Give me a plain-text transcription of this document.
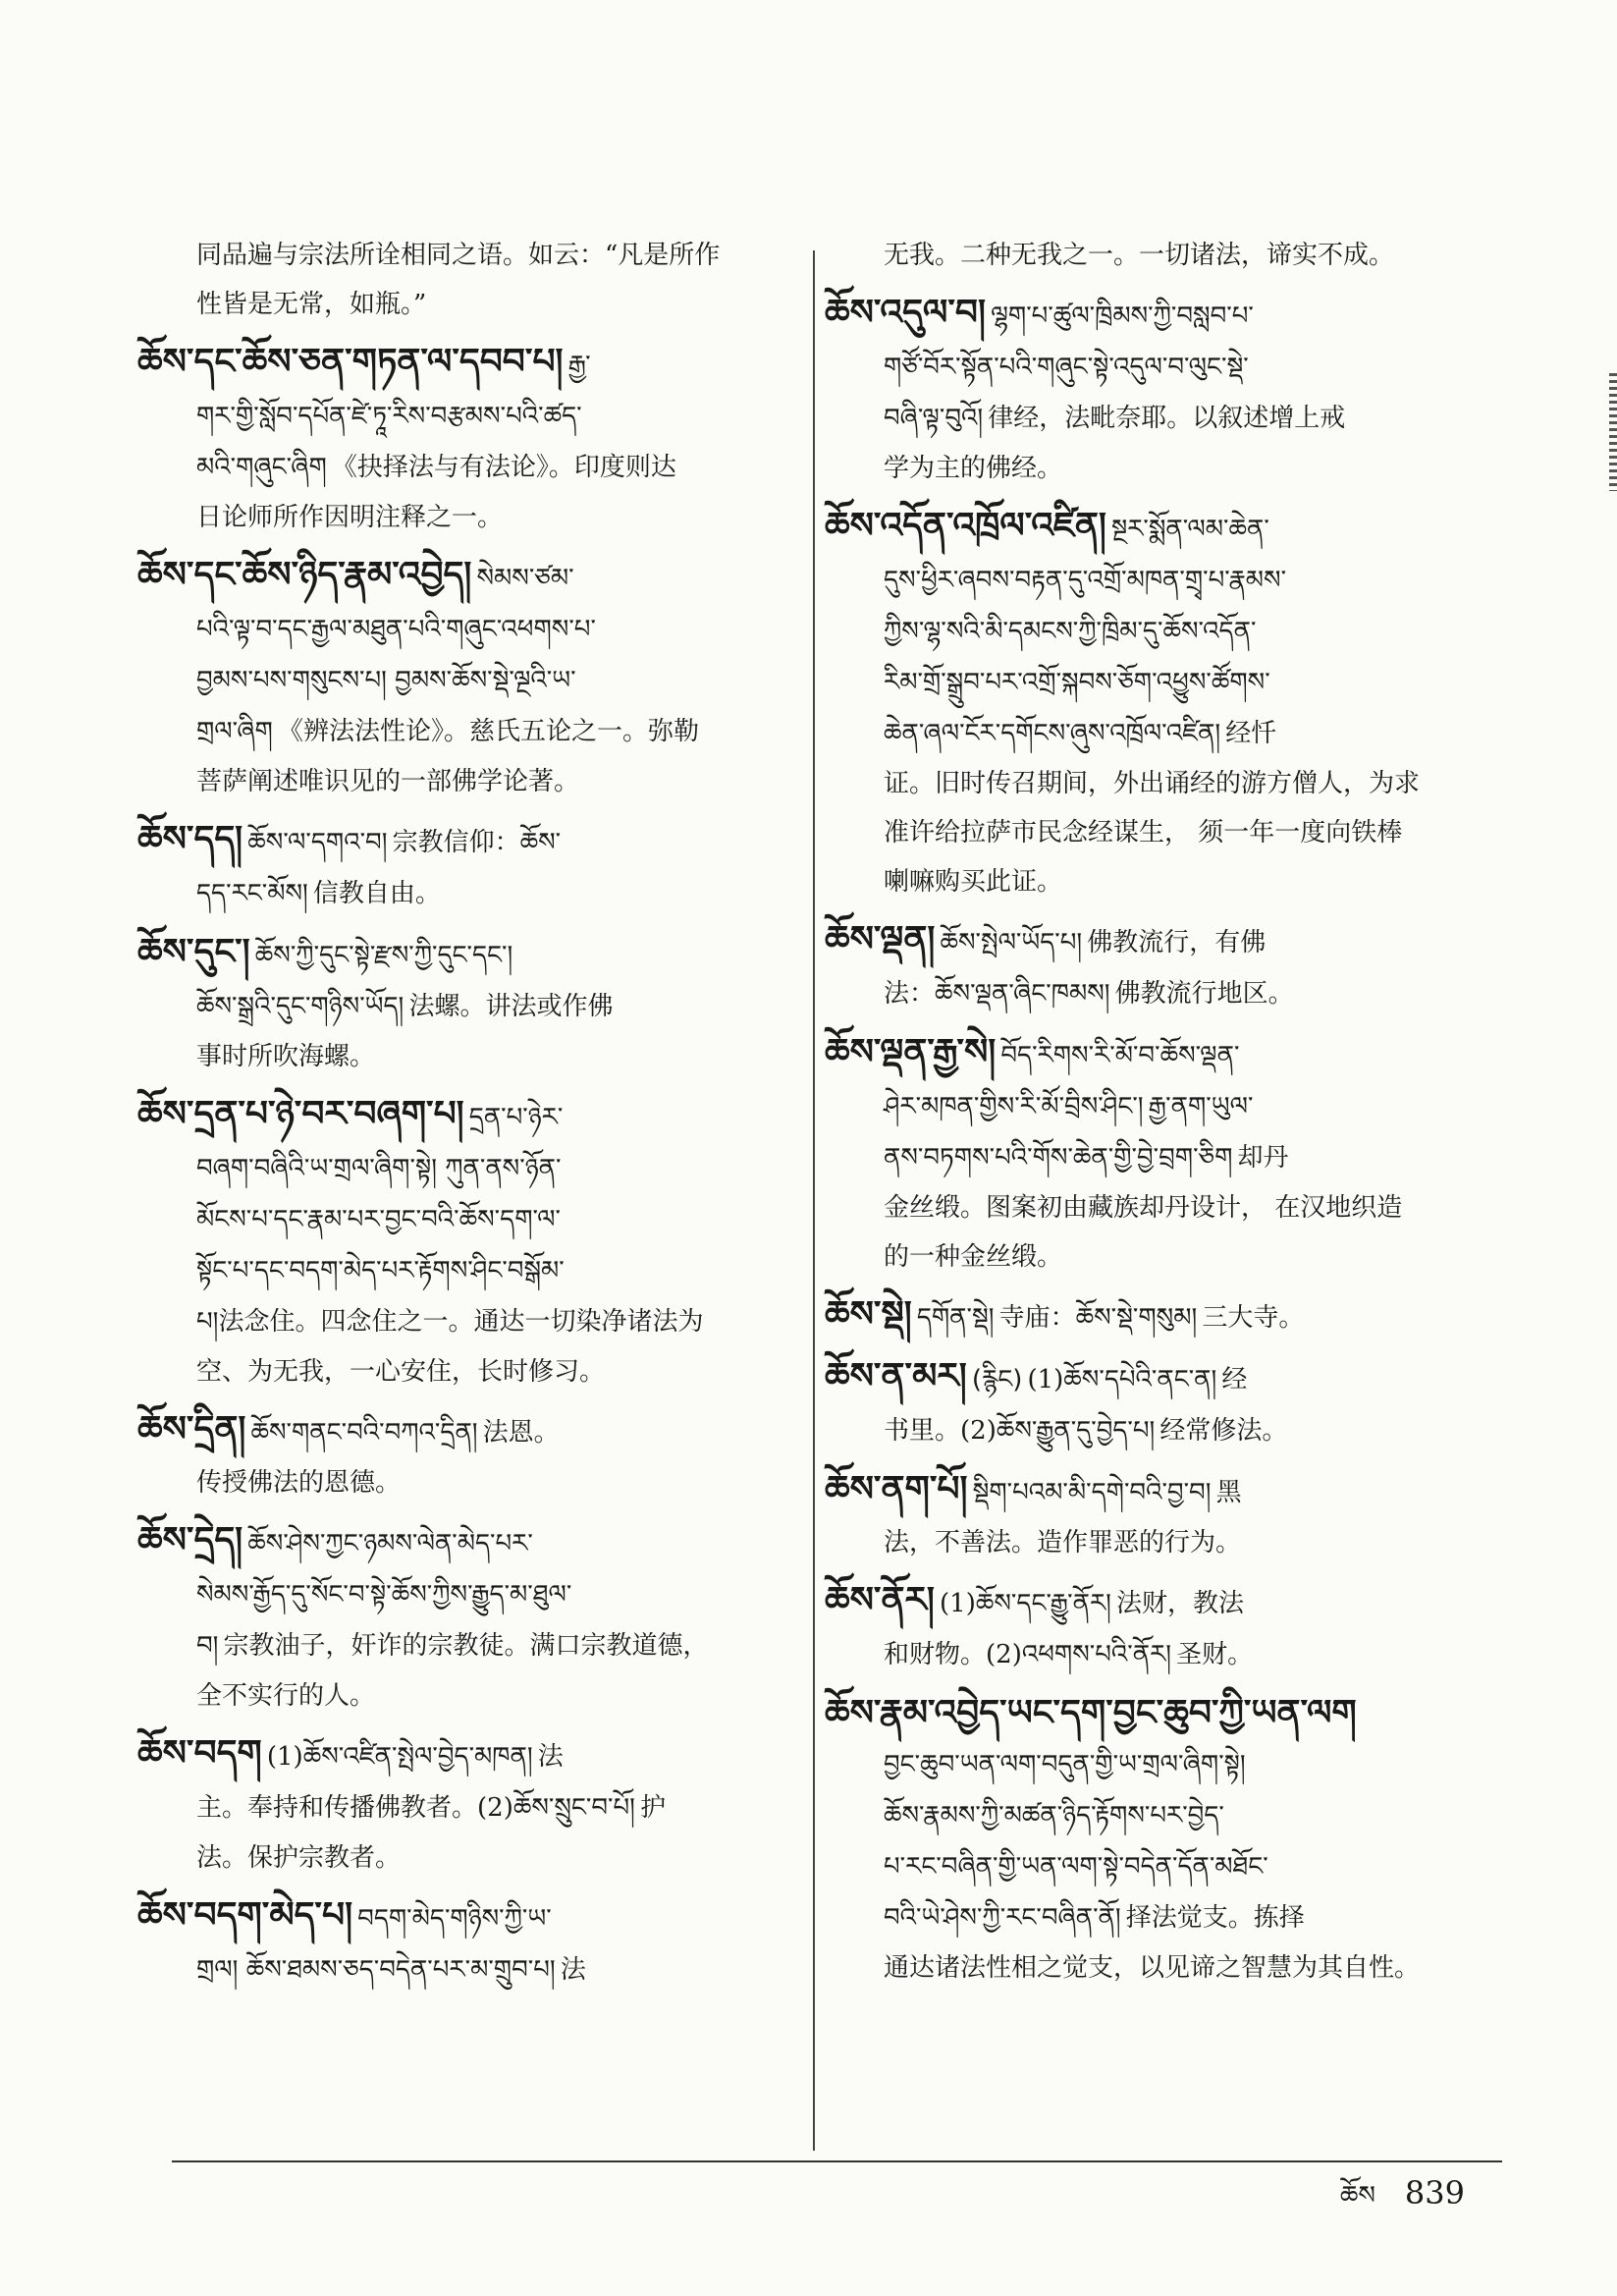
同品遍与宗法所诠相同之语。如云：“凡是所作
性皆是无常，如瓶。”
ཆོས་དང་ཆོས་ཅན་གཏན་ལ་དབབ་པ། རྒྱ་
གར་གྱི་སློབ་དཔོན་ཛེ་ཏཱ་རིས་བརྩམས་པའི་ཚད་
མའི་གཞུང་ཞིག 《抉择法与有法论》。印度则达
日论师所作因明注释之一。
ཆོས་དང་ཆོས་ཉིད་རྣམ་འབྱེད། སེམས་ཙམ་
པའི་ལྟ་བ་དང་རྒྱལ་མཐུན་པའི་གཞུང་འཕགས་པ་
བྱམས་པས་གསུངས་པ། བྱམས་ཆོས་སྡེ་ལྔའི་ཡ་
གྲལ་ཞིག 《辨法法性论》。慈氏五论之一。弥勒
菩萨阐述唯识见的一部佛学论著。
ཆོས་དད། ཆོས་ལ་དགའ་བ། 宗教信仰：ཆོས་
དད་རང་མོས། 信教自由。
ཆོས་དུང་། ཆོས་ཀྱི་དུང་སྟེ་རྫས་ཀྱི་དུང་དང་།
ཆོས་སྒྲའི་དུང་གཉིས་ཡོད། 法螺。讲法或作佛
事时所吹海螺。
ཆོས་དྲན་པ་ཉེ་བར་བཞག་པ། དྲན་པ་ཉེར་
བཞག་བཞིའི་ཡ་གྲལ་ཞིག་སྟེ། ཀུན་ནས་ཉོན་
མོངས་པ་དང་རྣམ་པར་བྱང་བའི་ཆོས་དག་ལ་
སྟོང་པ་དང་བདག་མེད་པར་རྟོགས་ཤིང་བསྒོམ་
པ།法念住。四念住之一。通达一切染净诸法为
空、为无我，一心安住，长时修习。
ཆོས་དྲིན། ཆོས་གནང་བའི་བཀའ་དྲིན། 法恩。
传授佛法的恩德。
ཆོས་དྲེད། ཆོས་ཤེས་ཀྱང་ཉམས་ལེན་མེད་པར་
སེམས་རྒྱོད་དུ་སོང་བ་སྟེ་ཆོས་ཀྱིས་རྒྱུད་མ་ཐུལ་
བ། 宗教油子，奸诈的宗教徒。满口宗教道德，
全不实行的人。
ཆོས་བདག (1)ཆོས་འཛིན་སྤེལ་བྱེད་མཁན། 法
主。奉持和传播佛教者。(2)ཆོས་སྲུང་བ་པོ། 护
法。保护宗教者。
ཆོས་བདག་མེད་པ། བདག་མེད་གཉིས་ཀྱི་ཡ་
གྲལ། ཆོས་ཐམས་ཅད་བདེན་པར་མ་གྲུབ་པ། 法
无我。二种无我之一。一切诸法，谛实不成。
ཆོས་འདུལ་བ། ལྷག་པ་ཚུལ་ཁྲིམས་ཀྱི་བསླབ་པ་
གཙོ་བོར་སྟོན་པའི་གཞུང་སྟེ་འདུལ་བ་ལུང་སྡེ་
བཞི་ལྟ་བུའོ། 律经，法毗奈耶。以叙述增上戒
学为主的佛经。
ཆོས་འདོན་འཁྲོལ་འཛིན། སྔར་སྨོན་ལམ་ཆེན་
དུས་ཕྱིར་ཞབས་བརྟན་དུ་འགྲོ་མཁན་གྲྭ་པ་རྣམས་
ཀྱིས་ལྷ་སའི་མི་དམངས་ཀྱི་ཁྲིམ་དུ་ཆོས་འདོན་
རིམ་གྲོ་སྒྲུབ་པར་འགྲོ་སྐབས་ཅོག་འཕྱུས་ཚོགས་
ཆེན་ཞལ་ངོར་དགོངས་ཞུས་འཁྲོལ་འཛིན། 经忏
证。旧时传召期间，外出诵经的游方僧人，为求
准许给拉萨市民念经谋生， 须一年一度向铁棒
喇嘛购买此证。
ཆོས་ལྡན། ཆོས་སྤེལ་ཡོད་པ། 佛教流行，有佛
法：ཆོས་ལྡན་ཞིང་ཁམས། 佛教流行地区。
ཆོས་ལྡན་རྒྱ་སེ། བོད་རིགས་རི་མོ་བ་ཆོས་ལྡན་
ཤེར་མཁན་གྱིས་རི་མོ་བྲིས་ཤིང་། རྒྱ་ནག་ཡུལ་
ནས་བཏགས་པའི་གོས་ཆེན་གྱི་བྱེ་བྲག་ཅིག 却丹
金丝缎。图案初由藏族却丹设计， 在汉地织造
的一种金丝缎。
ཆོས་སྡེ། དགོན་སྡེ། 寺庙：ཆོས་སྡེ་གསུམ། 三大寺。
ཆོས་ན་མར། (རྙིང) (1)ཆོས་དཔེའི་ནང་ན། 经
书里。(2)ཆོས་རྒྱུན་དུ་བྱེད་པ། 经常修法。
ཆོས་ནག་པོ། སྡིག་པའམ་མི་དགེ་བའི་བྱ་བ། 黑
法，不善法。造作罪恶的行为。
ཆོས་ནོར། (1)ཆོས་དང་རྒྱུ་ནོར། 法财，教法
和财物。(2)འཕགས་པའི་ནོར། 圣财。
ཆོས་རྣམ་འབྱེད་ཡང་དག་བྱང་ཆུབ་ཀྱི་ཡན་ལག
བྱང་ཆུབ་ཡན་ལག་བདུན་གྱི་ཡ་གྲལ་ཞིག་སྟེ།
ཆོས་རྣམས་ཀྱི་མཚན་ཉིད་རྟོགས་པར་བྱེད་
པ་རང་བཞིན་གྱི་ཡན་ལག་སྟེ་བདེན་དོན་མཐོང་
བའི་ཡེ་ཤེས་ཀྱི་རང་བཞིན་ནོ། 择法觉支。拣择
通达诸法性相之觉支，以见谛之智慧为其自性。
ཆོས 839
